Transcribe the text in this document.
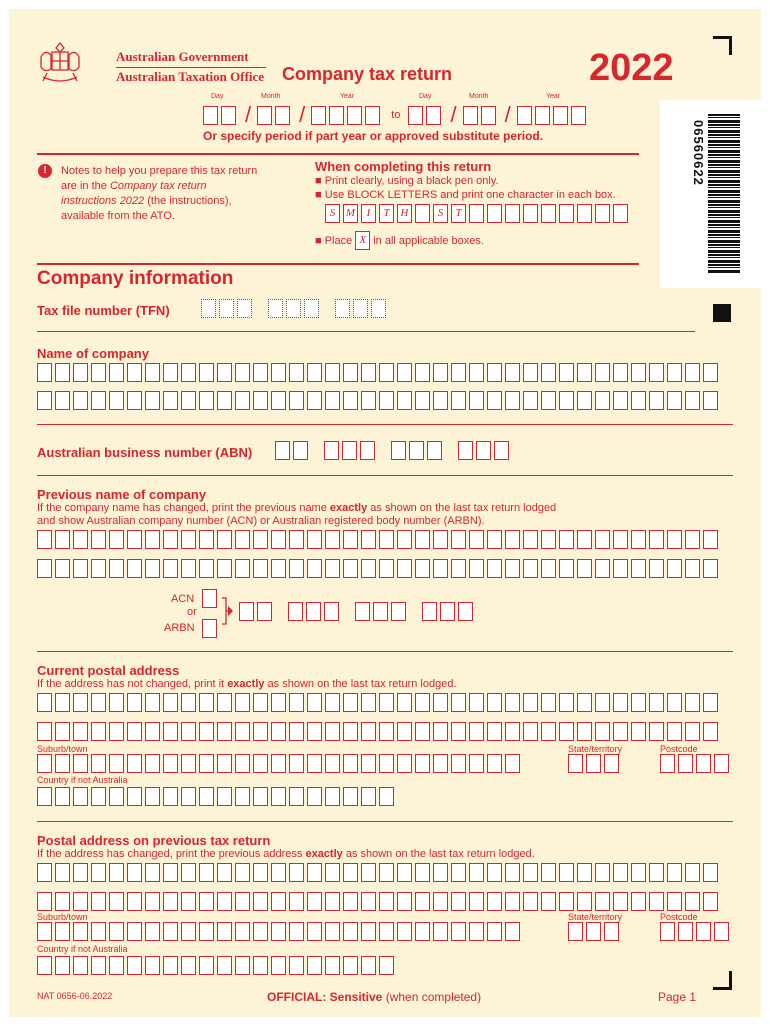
Australian Government
Australian Taxation Office Company tax return	2022
Day	Month	Year	Day	Month	Year
/ /	to / /
Or specify period if part year or approved substitute period.	06560622
!	Notes to help you prepare this tax return are in the Company tax return instructions 2022 (the instructions), available from the ATO.
When completing this return
■ Print clearly, using a black pen only.
■ Use BLOCK LETTERS and print one character in each box.
S M	I	T H	S	T
■ Place X in all applicable boxes.
Company information
Tax file number (TFN)
Name of company
Australian business number (ABN)
Previous name of company
If the company name has changed, print the previous name exactly as shown on the last tax return lodged
and show Australian company number (ACN) or Australian registered body number (ARBN).
ACN
or
ARBN
Current postal address
If the address has not changed, print it exactly as shown on the last tax return lodged.
Suburb/town	State/territory	Postcode
Country if not Australia
Postal address on previous tax return
If the address has changed, print the previous address exactly as shown on the last tax return lodged.
Suburb/town	State/territory	Postcode
Country if not Australia
NAT 0656-06.2022	OFFICIAL: Sensitive (when completed)	Page 1
